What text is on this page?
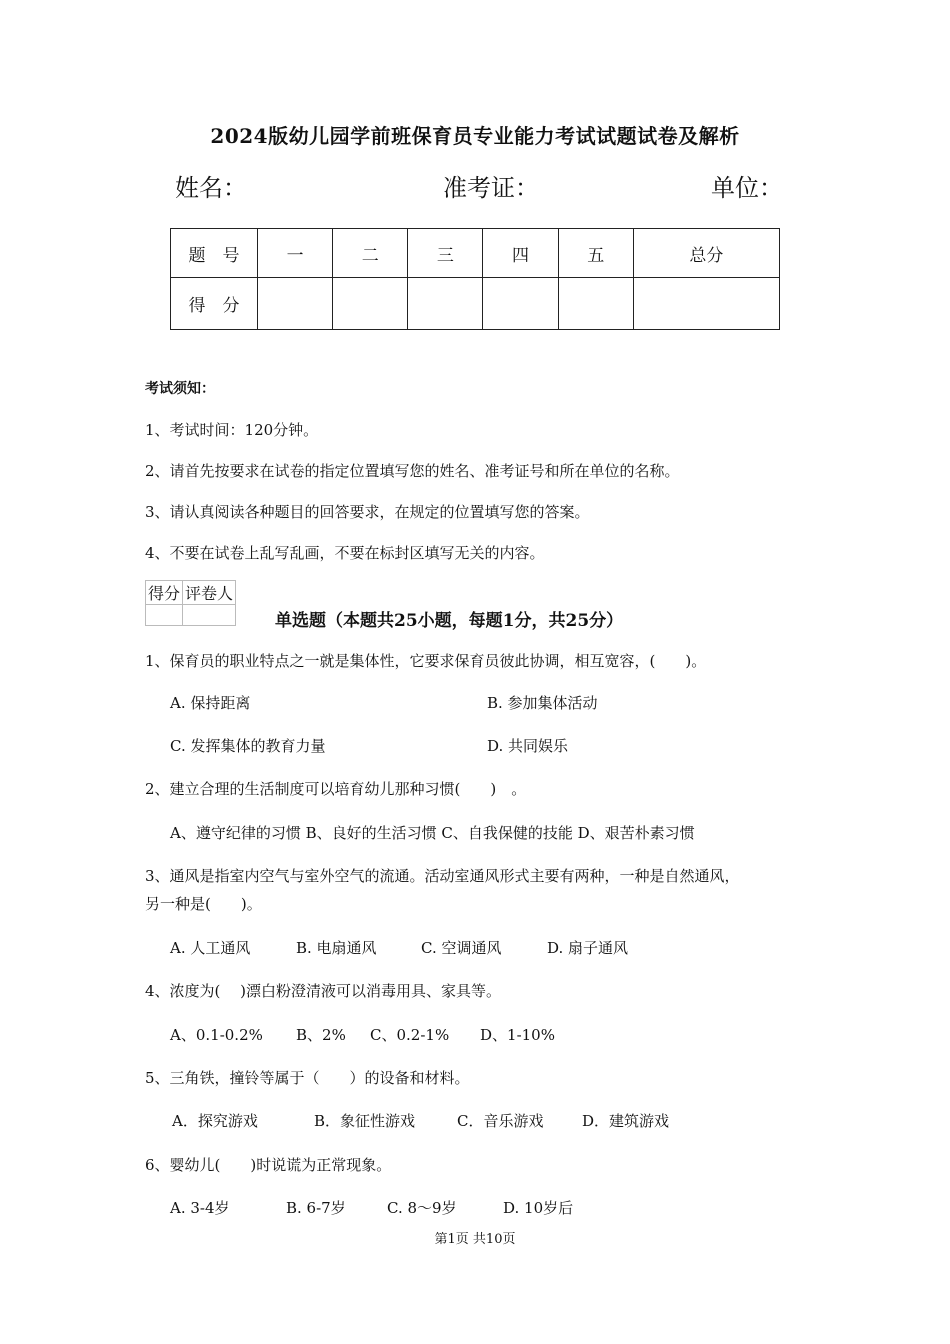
2024版幼儿园学前班保育员专业能力考试试题试卷及解析
姓名：	准考证：	单位：
题　号	一	二	三	四	五	总分
得　分						
考试须知：
1、考试时间：120分钟。
2、请首先按要求在试卷的指定位置填写您的姓名、准考证号和所在单位的名称。
3、请认真阅读各种题目的回答要求，在规定的位置填写您的答案。
4、不要在试卷上乱写乱画，不要在标封区填写无关的内容。
得分	评卷人

单选题（本题共25小题，每题1分，共25分）
1、保育员的职业特点之一就是集体性，它要求保育员彼此协调，相互宽容，(　　)。
A. 保持距离	B. 参加集体活动
C. 发挥集体的教育力量	D. 共同娱乐
2、建立合理的生活制度可以培育幼儿那种习惯(　　)　。
A、遵守纪律的习惯 B、良好的生活习惯 C、自我保健的技能 D、艰苦朴素习惯
3、通风是指室内空气与室外空气的流通。活动室通风形式主要有两种，一种是自然通风，
另一种是(　　)。
A. 人工通风	B. 电扇通风	C. 空调通风	D. 扇子通风
4、浓度为(　 )漂白粉澄清液可以消毒用具、家具等。
A、0.1-0.2% B、2% C、0.2-1% D、1-10%
5、三角铁，撞铃等属于（　　）的设备和材料。
A．探究游戏	B．象征性游戏	C．音乐游戏	D．建筑游戏
6、婴幼儿(　　)时说谎为正常现象。
A. 3-4岁	B. 6-7岁	C. 8～9岁	D. 10岁后
第1页 共10页
